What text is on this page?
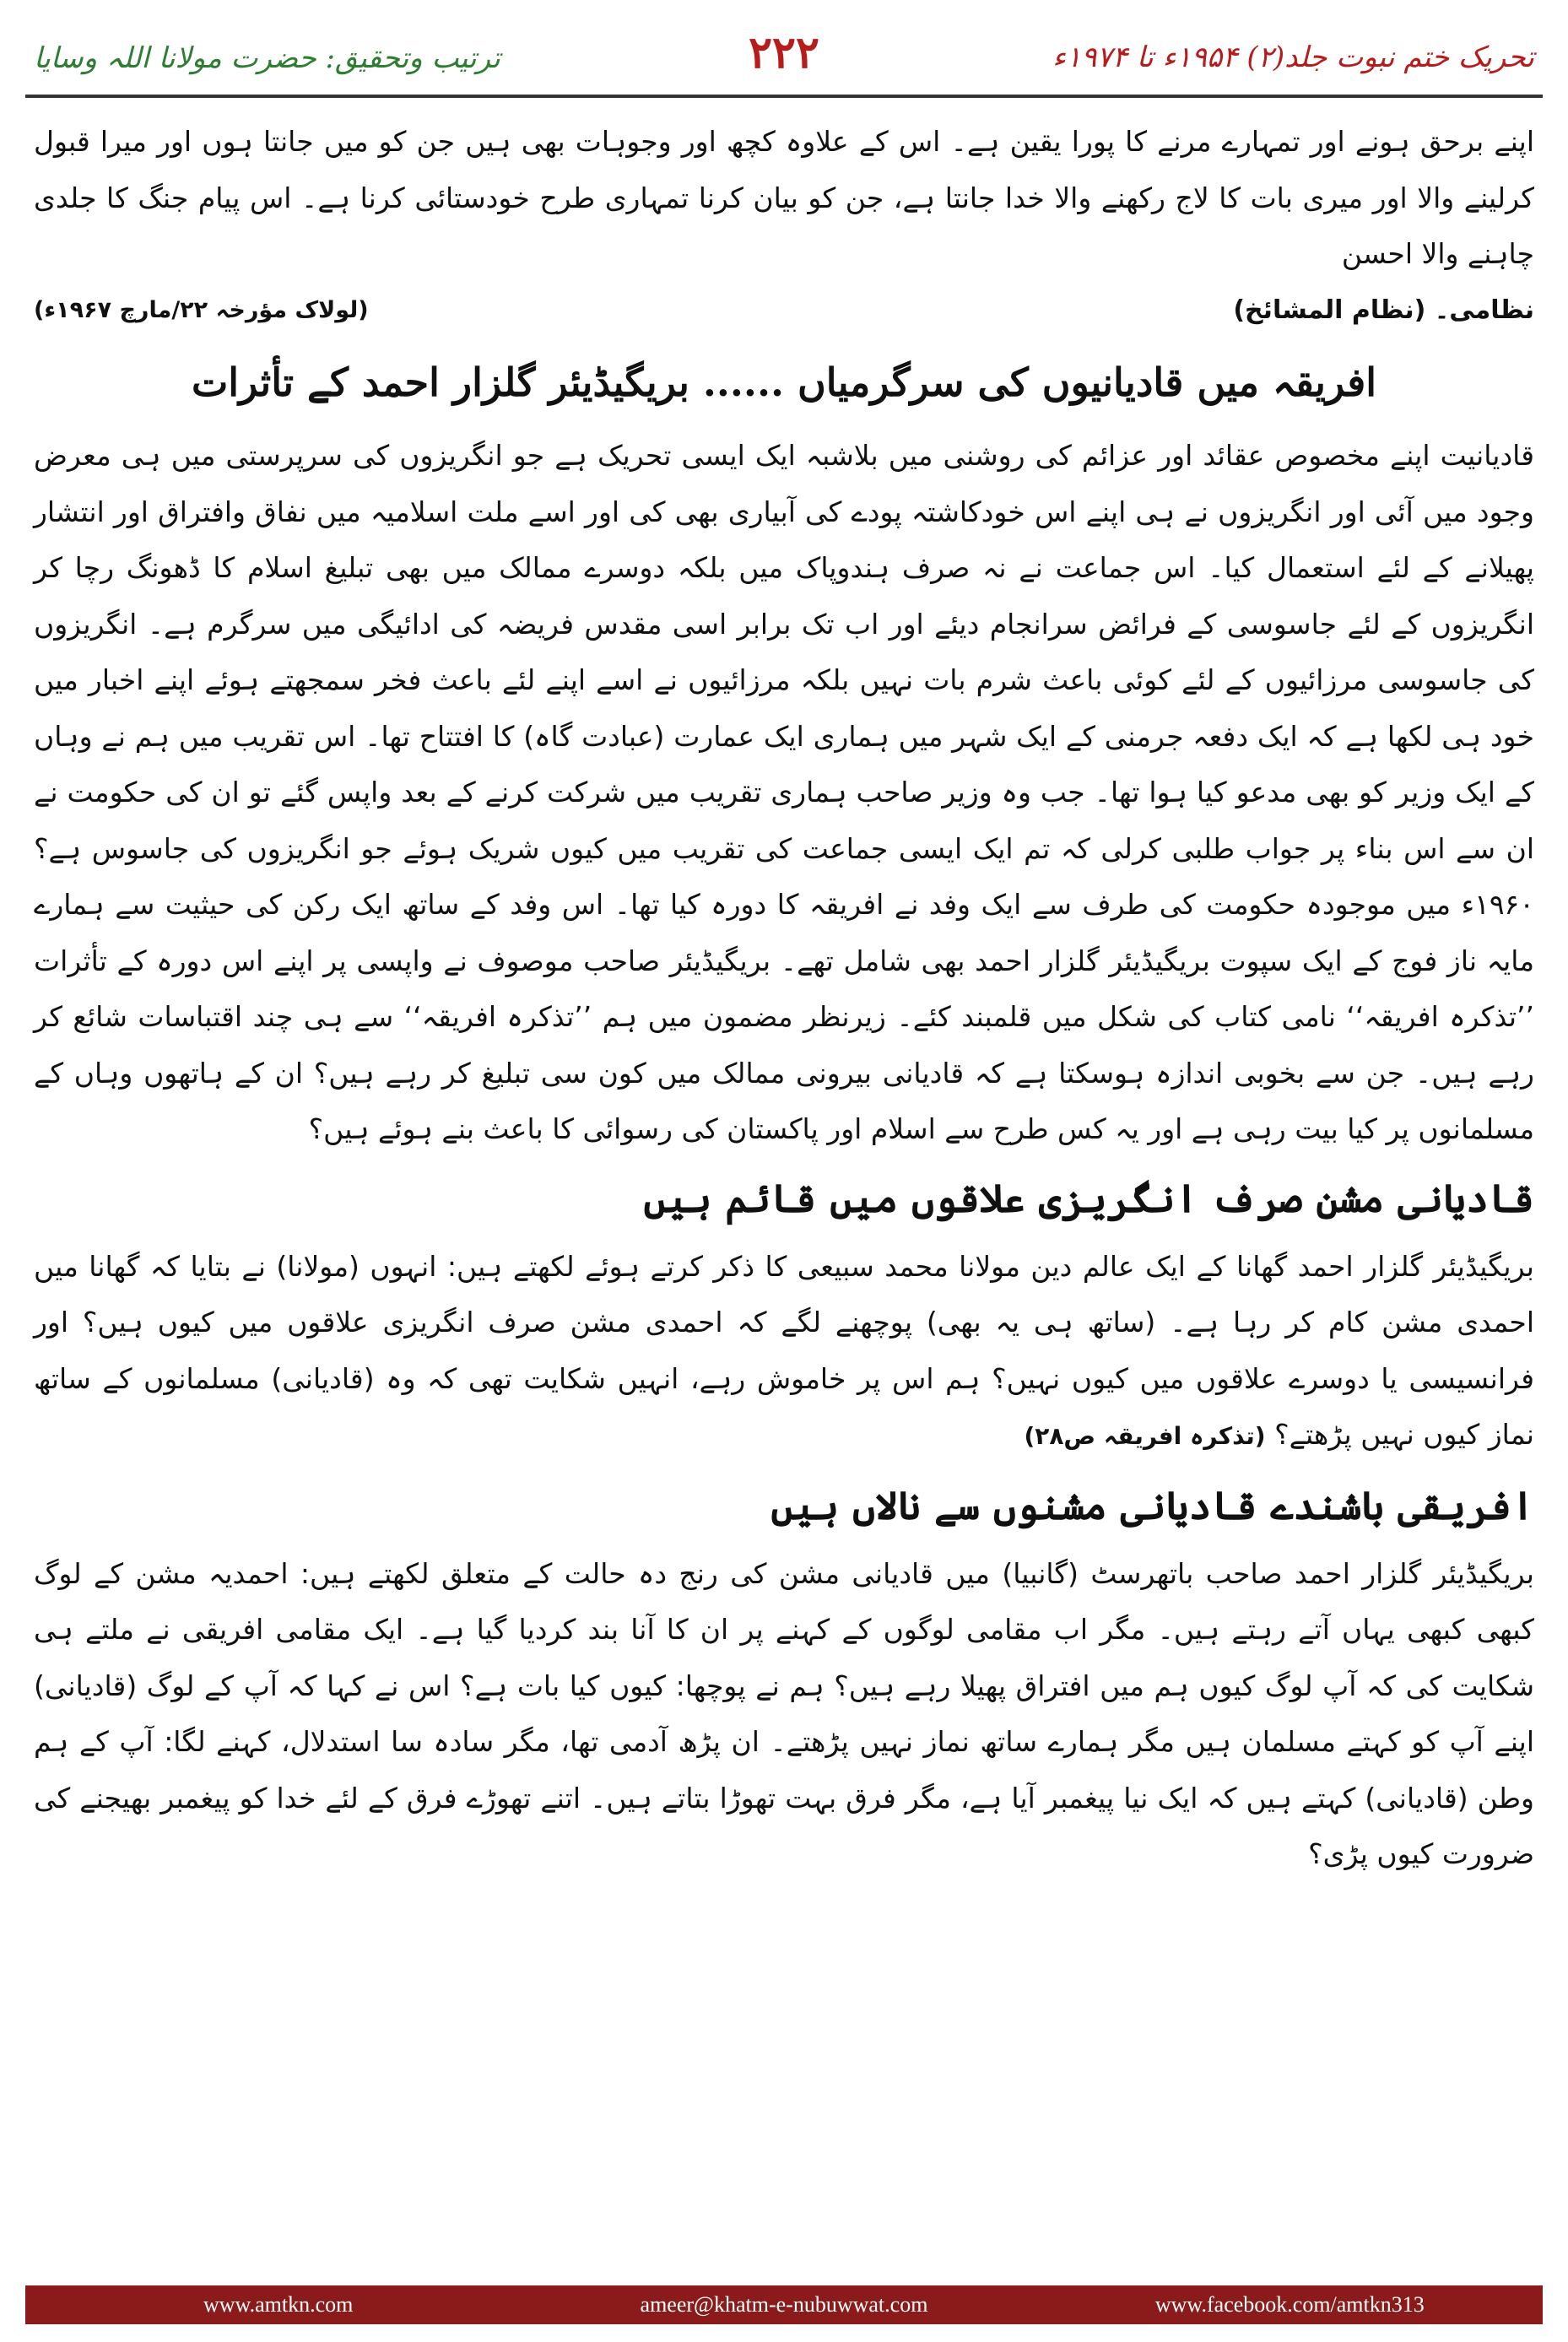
ترتیب وتحقیق: حضرت مولانا اللہ وسایا	۲۲۲	تحریک ختم نبوت جلد(۲) ۱۹۵۴ء تا ۱۹۷۴ء

اپنے برحق ہونے اور تمہارے مرنے کا پورا یقین ہے۔ اس کے علاوہ کچھ اور وجوہات بھی ہیں جن کو میں جانتا ہوں اور میرا قبول کرلینے والا اور میری بات کا لاج رکھنے والا خدا جانتا ہے، جن کو بیان کرنا تمہاری طرح خودستائی کرنا ہے۔ اس پیام جنگ کا جلدی چاہنے والا احسن

نظامی۔ (نظام المشائخ)
(لولاک مؤرخہ ۲۲/مارچ ۱۹۶۷ء)
افریقہ میں قادیانیوں کی سرگرمیاں ...... بریگیڈیئر گلزار احمد کے تأثرات

قادیانیت اپنے مخصوص عقائد اور عزائم کی روشنی میں بلاشبہ ایک ایسی تحریک ہے جو انگریزوں کی سرپرستی میں ہی معرض وجود میں آئی اور انگریزوں نے ہی اپنے اس خودکاشتہ پودے کی آبیاری بھی کی اور اسے ملت اسلامیہ میں نفاق وافتراق اور انتشار پھیلانے کے لئے استعمال کیا۔ اس جماعت نے نہ صرف ہندوپاک میں بلکہ دوسرے ممالک میں بھی تبلیغ اسلام کا ڈھونگ رچا کر انگریزوں کے لئے جاسوسی کے فرائض سرانجام دیئے اور اب تک برابر اسی مقدس فریضہ کی ادائیگی میں سرگرم ہے۔ انگریزوں کی جاسوسی مرزائیوں کے لئے کوئی باعث شرم بات نہیں بلکہ مرزائیوں نے اسے اپنے لئے باعث فخر سمجھتے ہوئے اپنے اخبار میں خود ہی لکھا ہے کہ ایک دفعہ جرمنی کے ایک شہر میں ہماری ایک عمارت (عبادت گاہ) کا افتتاح تھا۔ اس تقریب میں ہم نے وہاں کے ایک وزیر کو بھی مدعو کیا ہوا تھا۔ جب وہ وزیر صاحب ہماری تقریب میں شرکت کرنے کے بعد واپس گئے تو ان کی حکومت نے ان سے اس بناء پر جواب طلبی کرلی کہ تم ایک ایسی جماعت کی تقریب میں کیوں شریک ہوئے جو انگریزوں کی جاسوس ہے؟ ۱۹۶۰ء میں موجودہ حکومت کی طرف سے ایک وفد نے افریقہ کا دورہ کیا تھا۔ اس وفد کے ساتھ ایک رکن کی حیثیت سے ہمارے مایہ ناز فوج کے ایک سپوت بریگیڈیئر گلزار احمد بھی شامل تھے۔ بریگیڈیئر صاحب موصوف نے واپسی پر اپنے اس دورہ کے تأثرات ’’تذکرہ افریقہ‘‘ نامی کتاب کی شکل میں قلمبند کئے۔ زیرنظر مضمون میں ہم ’’تذکرہ افریقہ‘‘ سے ہی چند اقتباسات شائع کر رہے ہیں۔ جن سے بخوبی اندازہ ہوسکتا ہے کہ قادیانی بیرونی ممالک میں کون سی تبلیغ کر رہے ہیں؟ ان کے ہاتھوں وہاں کے مسلمانوں پر کیا بیت رہی ہے اور یہ کس طرح سے اسلام اور پاکستان کی رسوائی کا باعث بنے ہوئے ہیں؟

قادیانی مشن صرف انگریزی علاقوں میں قائم ہیں

بریگیڈیئر گلزار احمد گھانا کے ایک عالم دین مولانا محمد سبیعی کا ذکر کرتے ہوئے لکھتے ہیں: انہوں (مولانا) نے بتایا کہ گھانا میں احمدی مشن کام کر رہا ہے۔ (ساتھ ہی یہ بھی) پوچھنے لگے کہ احمدی مشن صرف انگریزی علاقوں میں کیوں ہیں؟ اور فرانسیسی یا دوسرے علاقوں میں کیوں نہیں؟ ہم اس پر خاموش رہے، انہیں شکایت تھی کہ وہ (قادیانی) مسلمانوں کے ساتھ نماز کیوں نہیں پڑھتے؟ (تذکرہ افریقہ ص۲۸)

افریقی باشندے قادیانی مشنوں سے نالاں ہیں

بریگیڈیئر گلزار احمد صاحب باتھرسٹ (گانبیا) میں قادیانی مشن کی رنج دہ حالت کے متعلق لکھتے ہیں: احمدیہ مشن کے لوگ کبھی کبھی یہاں آتے رہتے ہیں۔ مگر اب مقامی لوگوں کے کہنے پر ان کا آنا بند کردیا گیا ہے۔ ایک مقامی افریقی نے ملتے ہی شکایت کی کہ آپ لوگ کیوں ہم میں افتراق پھیلا رہے ہیں؟ ہم نے پوچھا: کیوں کیا بات ہے؟ اس نے کہا کہ آپ کے لوگ (قادیانی) اپنے آپ کو کہتے مسلمان ہیں مگر ہمارے ساتھ نماز نہیں پڑھتے۔ ان پڑھ آدمی تھا، مگر سادہ سا استدلال، کہنے لگا: آپ کے ہم وطن (قادیانی) کہتے ہیں کہ ایک نیا پیغمبر آیا ہے، مگر فرق بہت تھوڑا بتاتے ہیں۔ اتنے تھوڑے فرق کے لئے خدا کو پیغمبر بھیجنے کی ضرورت کیوں پڑی؟

www.amtkn.com	ameer@khatm-e-nubuwwat.com	www.facebook.com/amtkn313
